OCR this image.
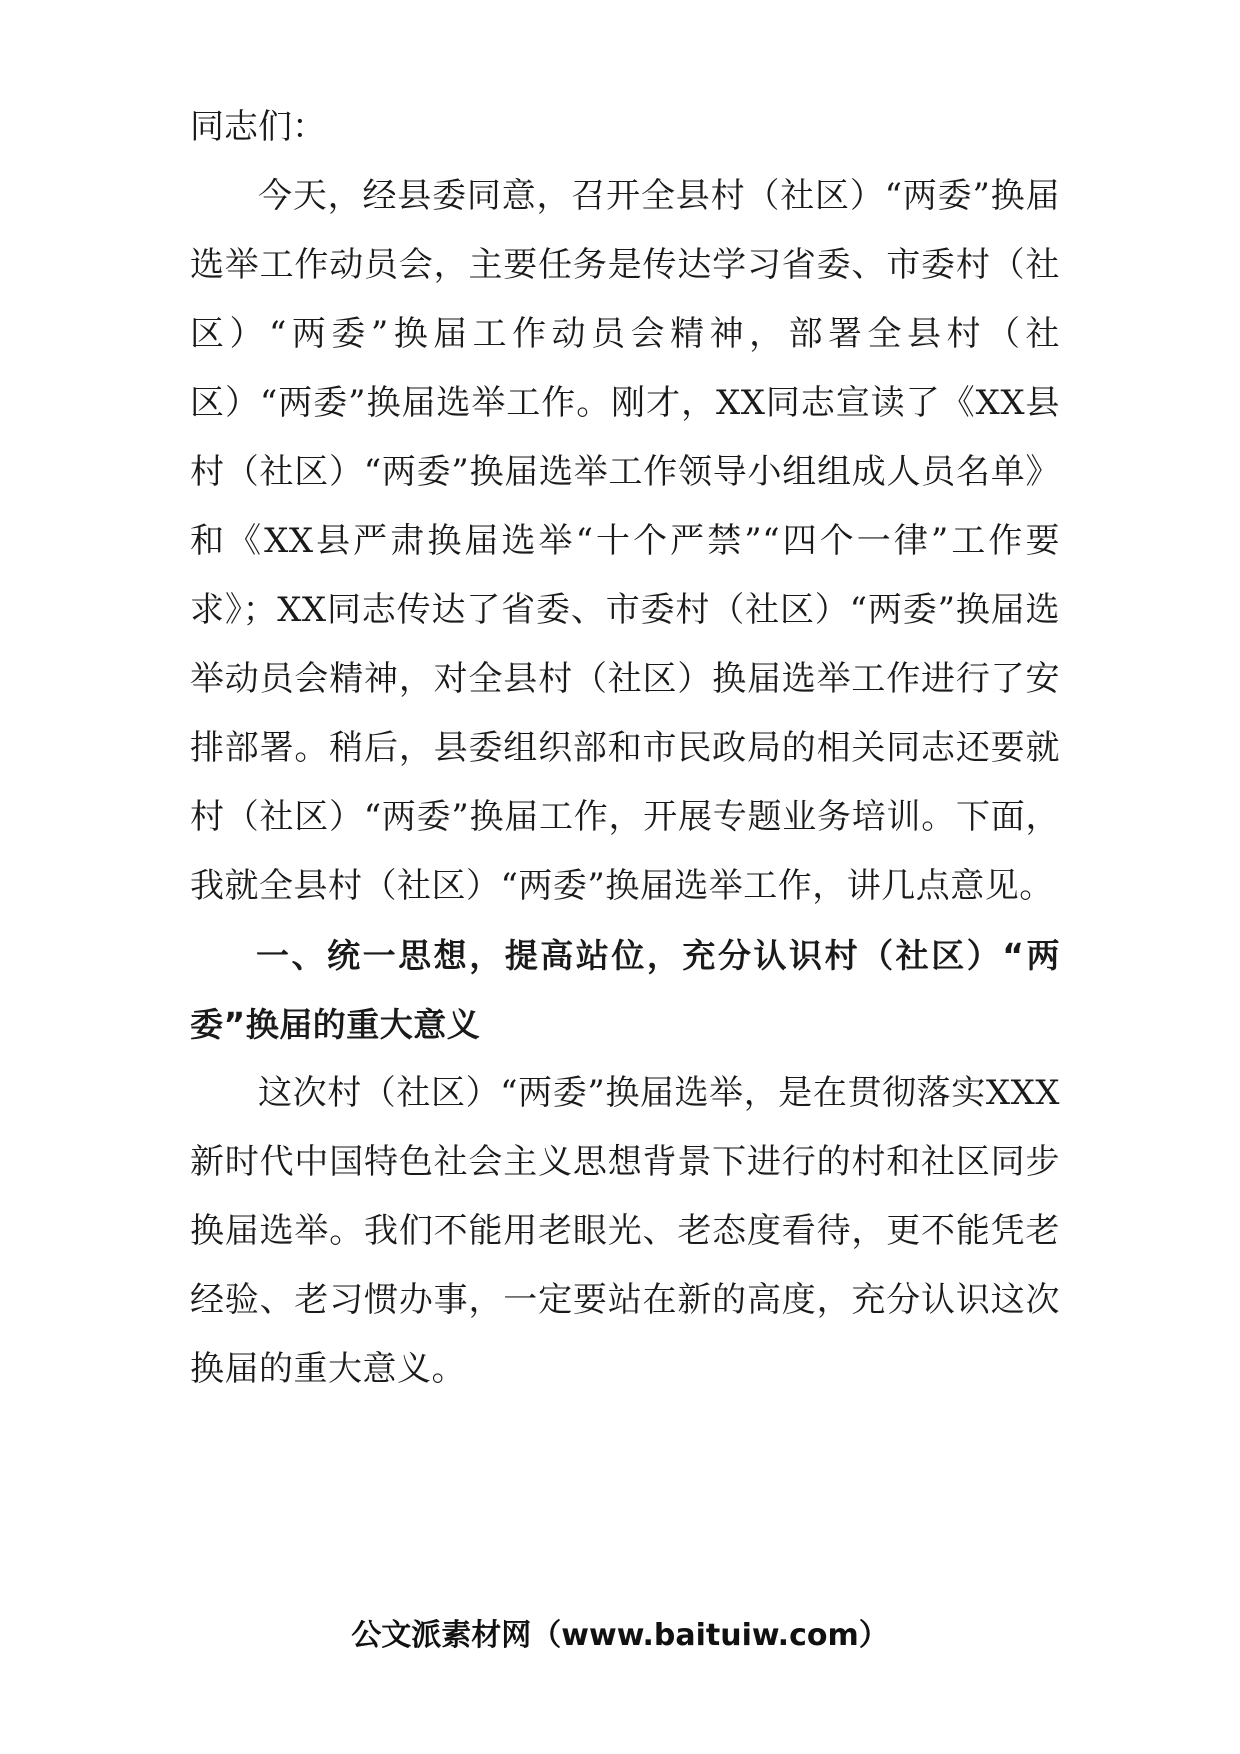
同志们：

今天，经县委同意，召开全县村（社区）“两委”换届选举工作动员会，主要任务是传达学习省委、市委村（社区）“两委”换届工作动员会精神，部署全县村（社区）“两委”换届选举工作。刚才，XX同志宣读了《XX县村（社区）“两委”换届选举工作领导小组组成人员名单》和《XX县严肃换届选举“十个严禁”“四个一律”工作要求》；XX同志传达了省委、市委村（社区）“两委”换届选举动员会精神，对全县村（社区）换届选举工作进行了安排部署。稍后，县委组织部和市民政局的相关同志还要就村（社区）“两委”换届工作，开展专题业务培训。下面，我就全县村（社区）“两委”换届选举工作，讲几点意见。

一、统一思想，提高站位，充分认识村（社区）“两委”换届的重大意义

这次村（社区）“两委”换届选举，是在贯彻落实XXX新时代中国特色社会主义思想背景下进行的村和社区同步换届选举。我们不能用老眼光、老态度看待，更不能凭老经验、老习惯办事，一定要站在新的高度，充分认识这次换届的重大意义。

公文派素材网（www.baituiw.com）
